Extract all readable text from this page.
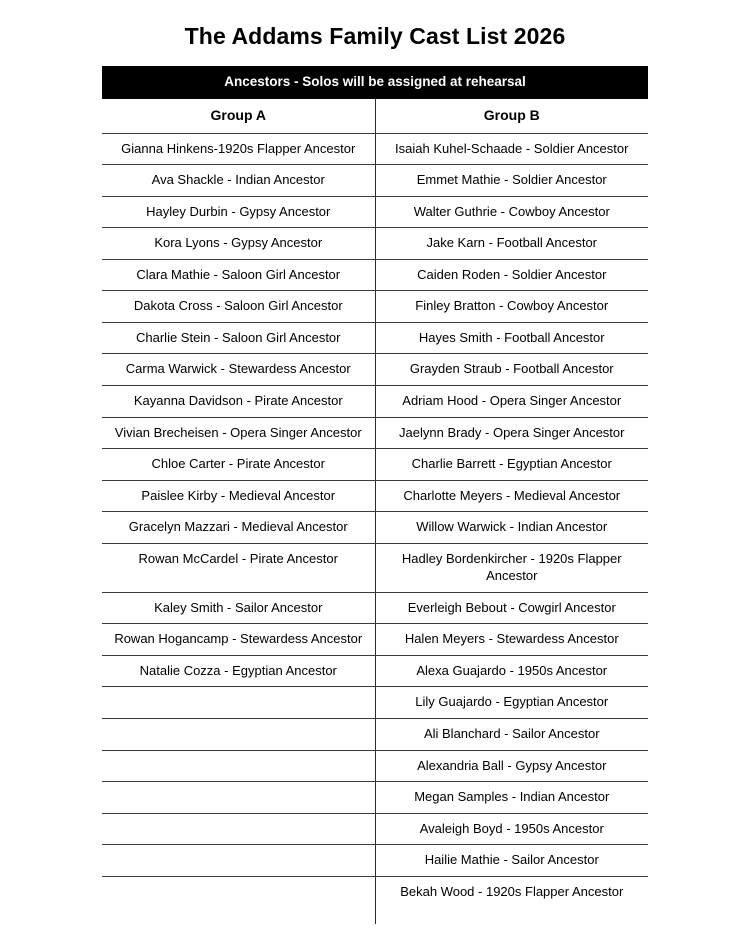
The Addams Family Cast List 2026
Ancestors - Solos will be assigned at rehearsal	
Group A	Group B
Gianna Hinkens-1920s Flapper Ancestor	Isaiah Kuhel-Schaade - Soldier Ancestor
Ava Shackle - Indian Ancestor	Emmet Mathie - Soldier Ancestor
Hayley Durbin - Gypsy Ancestor	Walter Guthrie - Cowboy Ancestor
Kora Lyons - Gypsy Ancestor	Jake Karn - Football Ancestor
Clara Mathie - Saloon Girl Ancestor	Caiden Roden - Soldier Ancestor
Dakota Cross - Saloon Girl Ancestor	Finley Bratton - Cowboy Ancestor
Charlie Stein - Saloon Girl Ancestor	Hayes Smith - Football Ancestor
Carma Warwick - Stewardess Ancestor	Grayden Straub - Football Ancestor
Kayanna Davidson - Pirate Ancestor	Adriam Hood - Opera Singer Ancestor
Vivian Brecheisen - Opera Singer Ancestor	Jaelynn Brady - Opera Singer Ancestor
Chloe Carter - Pirate Ancestor	Charlie Barrett - Egyptian Ancestor
Paislee Kirby - Medieval Ancestor	Charlotte Meyers - Medieval Ancestor
Gracelyn Mazzari - Medieval Ancestor	Willow Warwick - Indian Ancestor
Rowan McCardel - Pirate Ancestor	Hadley Bordenkircher - 1920s Flapper Ancestor
Kaley Smith - Sailor Ancestor	Everleigh Bebout - Cowgirl Ancestor
Rowan Hogancamp - Stewardess Ancestor	Halen Meyers - Stewardess Ancestor
Natalie Cozza - Egyptian Ancestor	Alexa Guajardo - 1950s Ancestor
	Lily Guajardo - Egyptian Ancestor
	Ali Blanchard - Sailor Ancestor
	Alexandria Ball - Gypsy Ancestor
	Megan Samples - Indian Ancestor
	Avaleigh Boyd - 1950s Ancestor
	Hailie Mathie - Sailor Ancestor
	Bekah Wood - 1920s Flapper Ancestor
